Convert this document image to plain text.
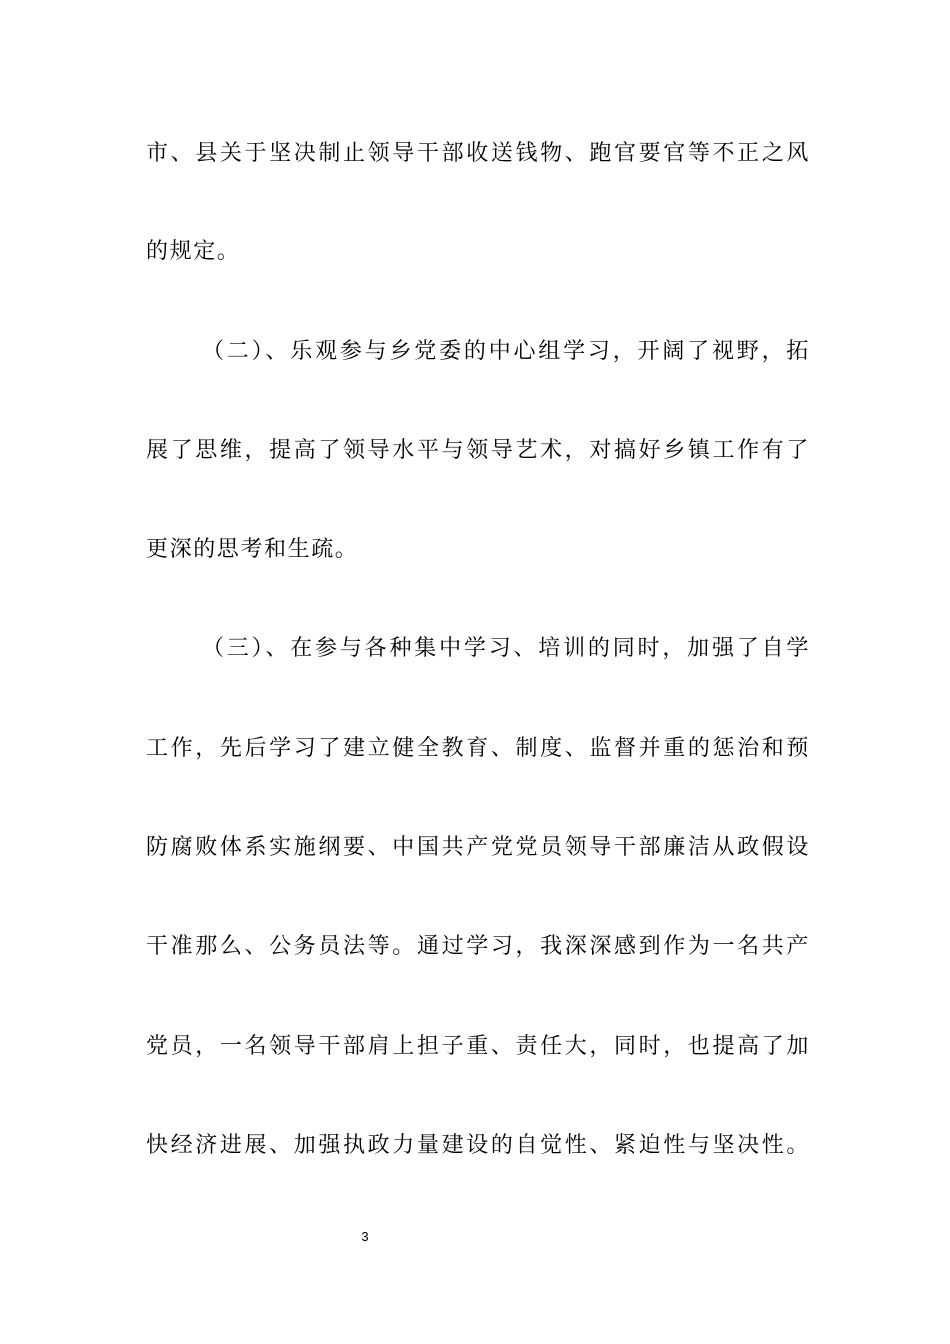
市、县关于坚决制止领导干部收送钱物、跑官要官等不正之风
的规定。
（二）、乐观参与乡党委的中心组学习，开阔了视野，拓
展了思维，提高了领导水平与领导艺术，对搞好乡镇工作有了
更深的思考和生疏。
（三）、在参与各种集中学习、培训的同时，加强了自学
工作，先后学习了建立健全教育、制度、监督并重的惩治和预
防腐败体系实施纲要、中国共产党党员领导干部廉洁从政假设
干准那么、公务员法等。通过学习，我深深感到作为一名共产
党员，一名领导干部肩上担子重、责任大，同时，也提高了加
快经济进展、加强执政力量建设的自觉性、紧迫性与坚决性。
3
